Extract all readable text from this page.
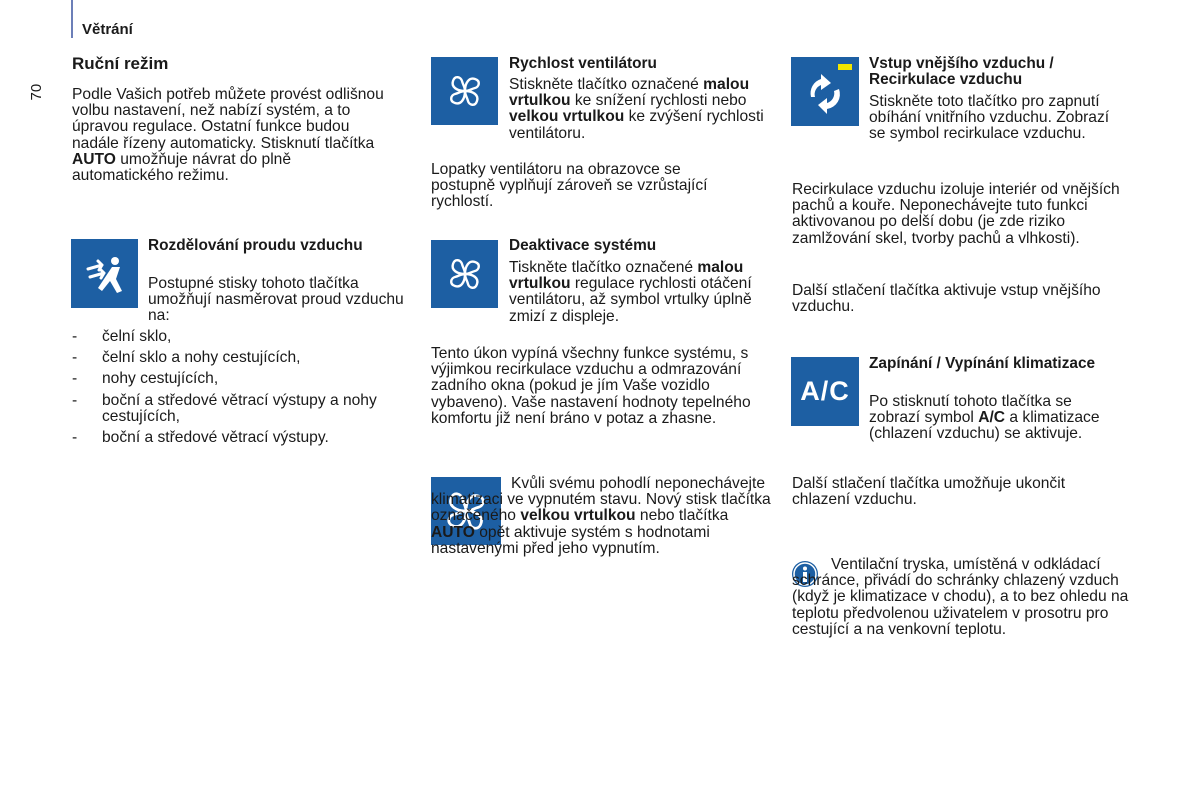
Větrání
70
Ruční režim

Podle Vašich potřeb můžete provést odlišnou volbu nastavení, než nabízí systém, a to úpravou regulace. Ostatní funkce budou nadále řízeny automaticky. Stisknutí tlačítka AUTO umožňuje návrat do plně automatického režimu.

Rozdělování proudu vzduchu

Postupné stisky tohoto tlačítka umožňují nasměrovat proud vzduchu na:

- čelní sklo,
- čelní sklo a nohy cestujících,
- nohy cestujících,
- boční a středové větrací výstupy a nohy cestujících,
- boční a středové větrací výstupy.
Rychlost ventilátoru

Stiskněte tlačítko označené malou vrtulkou ke snížení rychlosti nebo velkou vrtulkou ke zvýšení rychlosti ventilátoru.

Lopatky ventilátoru na obrazovce se postupně vyplňují zároveň se vzrůstající rychlostí.

Deaktivace systému

Tiskněte tlačítko označené malou vrtulkou regulace rychlosti otáčení ventilátoru, až symbol vrtulky úplně zmizí z displeje.

Tento úkon vypíná všechny funkce systému, s výjimkou recirkulace vzduchu a odmrazování zadního okna (pokud je jím Vaše vozidlo vybaveno). Vaše nastavení hodnoty tepelného komfortu již není bráno v potaz a zhasne.

Kvůli svému pohodlí neponechávejte klimatizaci ve vypnutém stavu. Nový stisk tlačítka označeného velkou vrtulkou nebo tlačítka AUTO opět aktivuje systém s hodnotami nastavenými před jeho vypnutím.

Vstup vnějšího vzduchu / Recirkulace vzduchu

Stiskněte toto tlačítko pro zapnutí obíhání vnitřního vzduchu. Zobrazí se symbol recirkulace vzduchu.

Recirkulace vzduchu izoluje interiér od vnějších pachů a kouře. Neponechávejte tuto funkci aktivovanou po delší dobu (je zde riziko zamlžování skel, tvorby pachů a vlhkosti).

Další stlačení tlačítka aktivuje vstup vnějšího vzduchu.

A/C
Zapínání / Vypínání klimatizace

Po stisknutí tohoto tlačítka se zobrazí symbol A/C a klimatizace (chlazení vzduchu) se aktivuje.

Další stlačení tlačítka umožňuje ukončit chlazení vzduchu.

Ventilační tryska, umístěná v odkládací schránce, přivádí do schránky chlazený vzduch (když je klimatizace v chodu), a to bez ohledu na teplotu předvolenou uživatelem v prosotru pro cestující a na venkovní teplotu.
